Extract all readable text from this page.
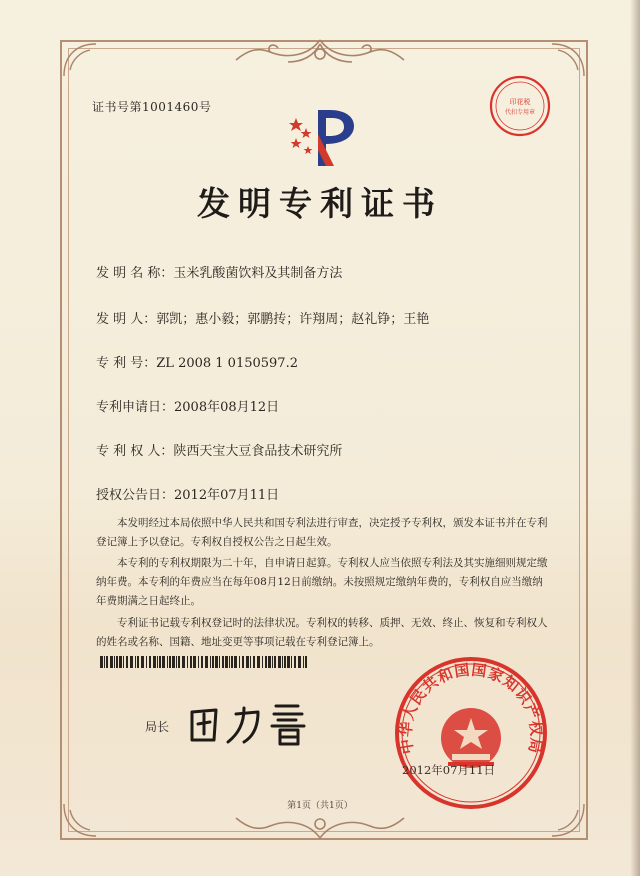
证书号第1001460号	印花税
代扣专用章
发明专利证书
发 明 名 称：玉米乳酸菌饮料及其制备方法
发 明 人：郭凯；惠小毅；郭鹏抟；许翔周；赵礼铮；王艳
专 利 号：ZL 2008 1 0150597.2
专利申请日：2008年08月12日
专 利 权 人：陕西天宝大豆食品技术研究所
授权公告日：2012年07月11日
本发明经过本局依照中华人民共和国专利法进行审查，决定授予专利权，颁发本证书并在专利登记簿上予以登记。专利权自授权公告之日起生效。
本专利的专利权期限为二十年，自申请日起算。专利权人应当依照专利法及其实施细则规定缴纳年费。本专利的年费应当在每年08月12日前缴纳。未按照规定缴纳年费的，专利权自应当缴纳年费期满之日起终止。
专利证书记载专利权登记时的法律状况。专利权的转移、质押、无效、终止、恢复和专利权人的姓名或名称、国籍、地址变更等事项记载在专利登记簿上。
局长
中华人民共和国国家知识产权局
2012年07月11日
第1页（共1页）
